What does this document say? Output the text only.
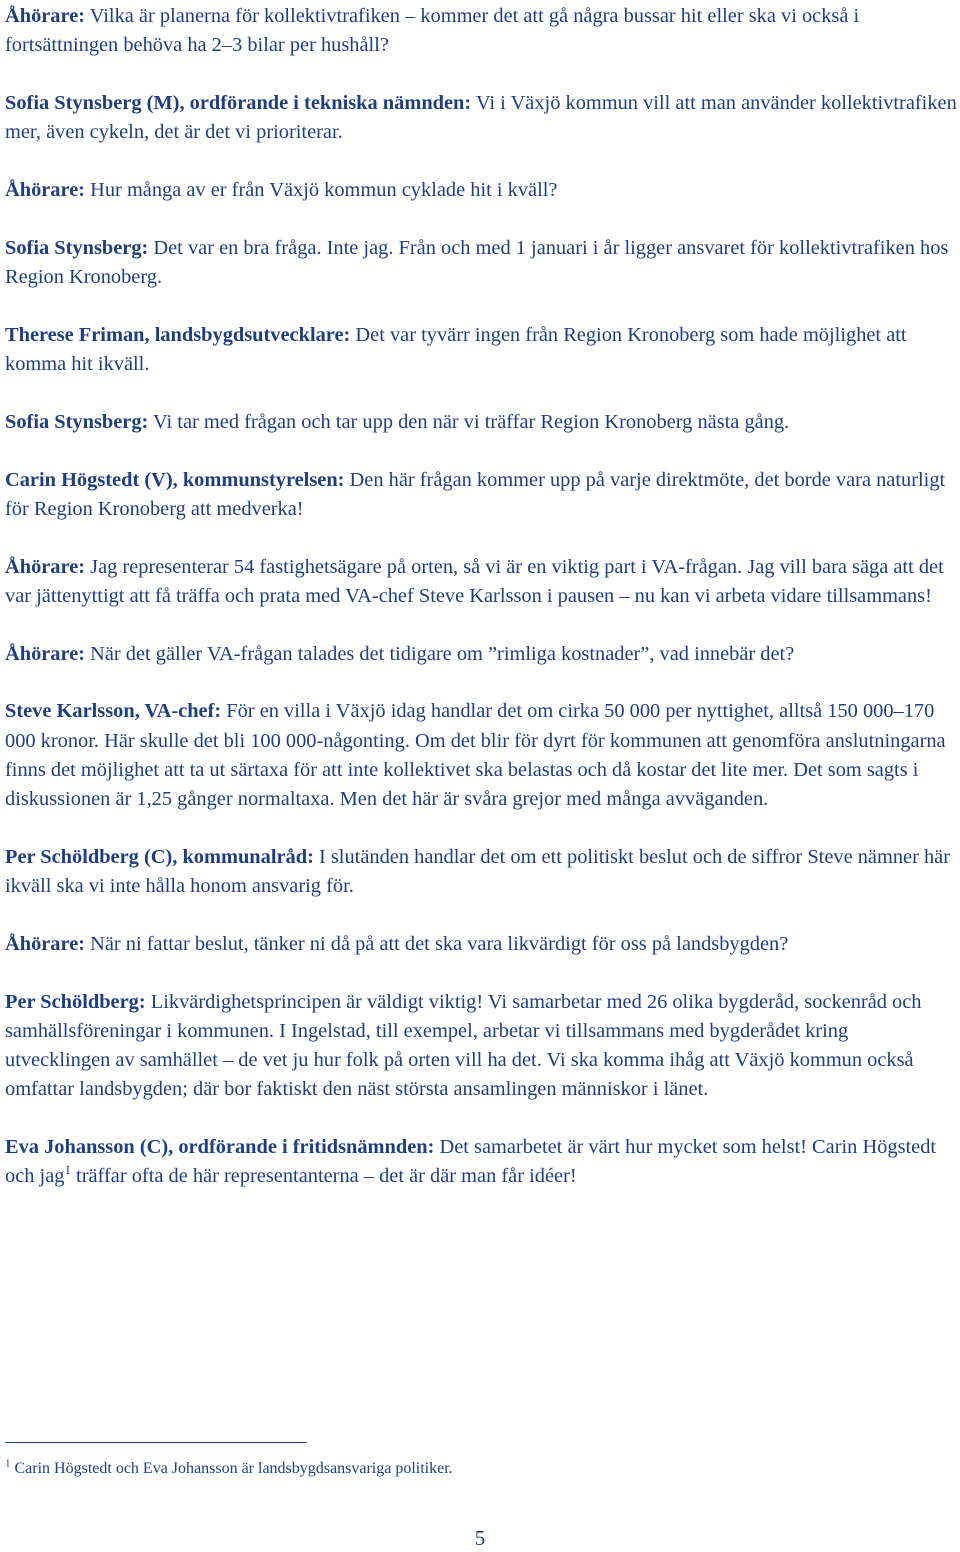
Åhörare: Vilka är planerna för kollektivtrafiken – kommer det att gå några bussar hit eller ska vi också i fortsättningen behöva ha 2–3 bilar per hushåll?

Sofia Stynsberg (M), ordförande i tekniska nämnden: Vi i Växjö kommun vill att man använder kollektivtrafiken mer, även cykeln, det är det vi prioriterar.

Åhörare: Hur många av er från Växjö kommun cyklade hit i kväll?

Sofia Stynsberg: Det var en bra fråga. Inte jag. Från och med 1 januari i år ligger ansvaret för kollektivtrafiken hos Region Kronoberg.

Therese Friman, landsbygdsutvecklare: Det var tyvärr ingen från Region Kronoberg som hade möjlighet att komma hit ikväll.

Sofia Stynsberg: Vi tar med frågan och tar upp den när vi träffar Region Kronoberg nästa gång.

Carin Högstedt (V), kommunstyrelsen: Den här frågan kommer upp på varje direktmöte, det borde vara naturligt för Region Kronoberg att medverka!

Åhörare: Jag representerar 54 fastighetsägare på orten, så vi är en viktig part i VA-frågan. Jag vill bara säga att det var jättenyttigt att få träffa och prata med VA-chef Steve Karlsson i pausen – nu kan vi arbeta vidare tillsammans!

Åhörare: När det gäller VA-frågan talades det tidigare om ”rimliga kostnader”, vad innebär det?

Steve Karlsson, VA-chef: För en villa i Växjö idag handlar det om cirka 50 000 per nyttighet, alltså 150 000–170 000 kronor. Här skulle det bli 100 000-någonting. Om det blir för dyrt för kommunen att genomföra anslutningarna finns det möjlighet att ta ut särtaxa för att inte kollektivet ska belastas och då kostar det lite mer. Det som sagts i diskussionen är 1,25 gånger normaltaxa. Men det här är svåra grejor med många avväganden.

Per Schöldberg (C), kommunalråd: I slutänden handlar det om ett politiskt beslut och de siffror Steve nämner här ikväll ska vi inte hålla honom ansvarig för.

Åhörare: När ni fattar beslut, tänker ni då på att det ska vara likvärdigt för oss på landsbygden?

Per Schöldberg: Likvärdighetsprincipen är väldigt viktig! Vi samarbetar med 26 olika bygderåd, sockenråd och samhällsföreningar i kommunen. I Ingelstad, till exempel, arbetar vi tillsammans med bygderådet kring utvecklingen av samhället – de vet ju hur folk på orten vill ha det. Vi ska komma ihåg att Växjö kommun också omfattar landsbygden; där bor faktiskt den näst största ansamlingen människor i länet.

Eva Johansson (C), ordförande i fritidsnämnden: Det samarbetet är värt hur mycket som helst! Carin Högstedt och jag$^1$ träffar ofta de här representanterna – det är där man får idéer!

$^1$ Carin Högstedt och Eva Johansson är landsbygdsansvariga politiker.
5
